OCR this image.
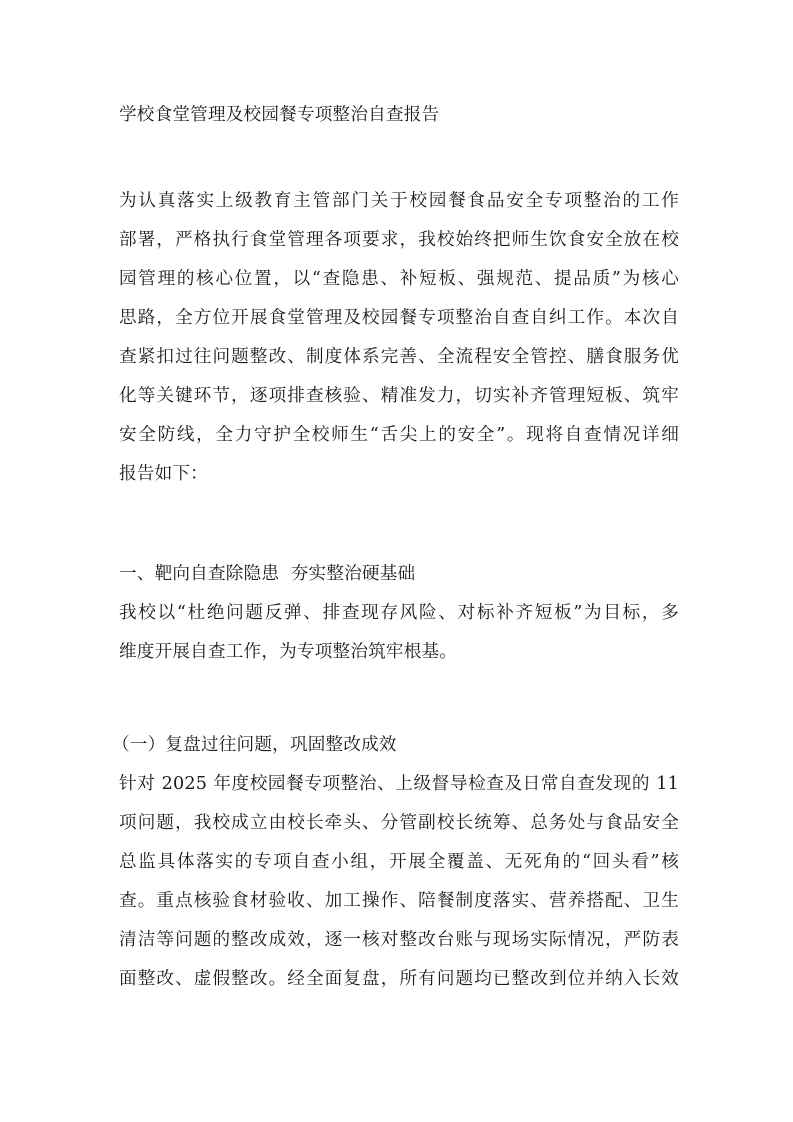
学校食堂管理及校园餐专项整治自查报告
为认真落实上级教育主管部门关于校园餐食品安全专项整治的工作
部署，严格执行食堂管理各项要求，我校始终把师生饮食安全放在校
园管理的核心位置，以“查隐患、补短板、强规范、提品质”为核心
思路，全方位开展食堂管理及校园餐专项整治自查自纠工作。本次自
查紧扣过往问题整改、制度体系完善、全流程安全管控、膳食服务优
化等关键环节，逐项排查核验、精准发力，切实补齐管理短板、筑牢
安全防线，全力守护全校师生“舌尖上的安全”。现将自查情况详细
报告如下：
一、靶向自查除隐患  夯实整治硬基础
我校以“杜绝问题反弹、排查现存风险、对标补齐短板”为目标，多
维度开展自查工作，为专项整治筑牢根基。
（一）复盘过往问题，巩固整改成效
针对 2025 年度校园餐专项整治、上级督导检查及日常自查发现的 11
项问题，我校成立由校长牵头、分管副校长统筹、总务处与食品安全
总监具体落实的专项自查小组，开展全覆盖、无死角的“回头看”核
查。重点核验食材验收、加工操作、陪餐制度落实、营养搭配、卫生
清洁等问题的整改成效，逐一核对整改台账与现场实际情况，严防表
面整改、虚假整改。经全面复盘，所有问题均已整改到位并纳入长效
